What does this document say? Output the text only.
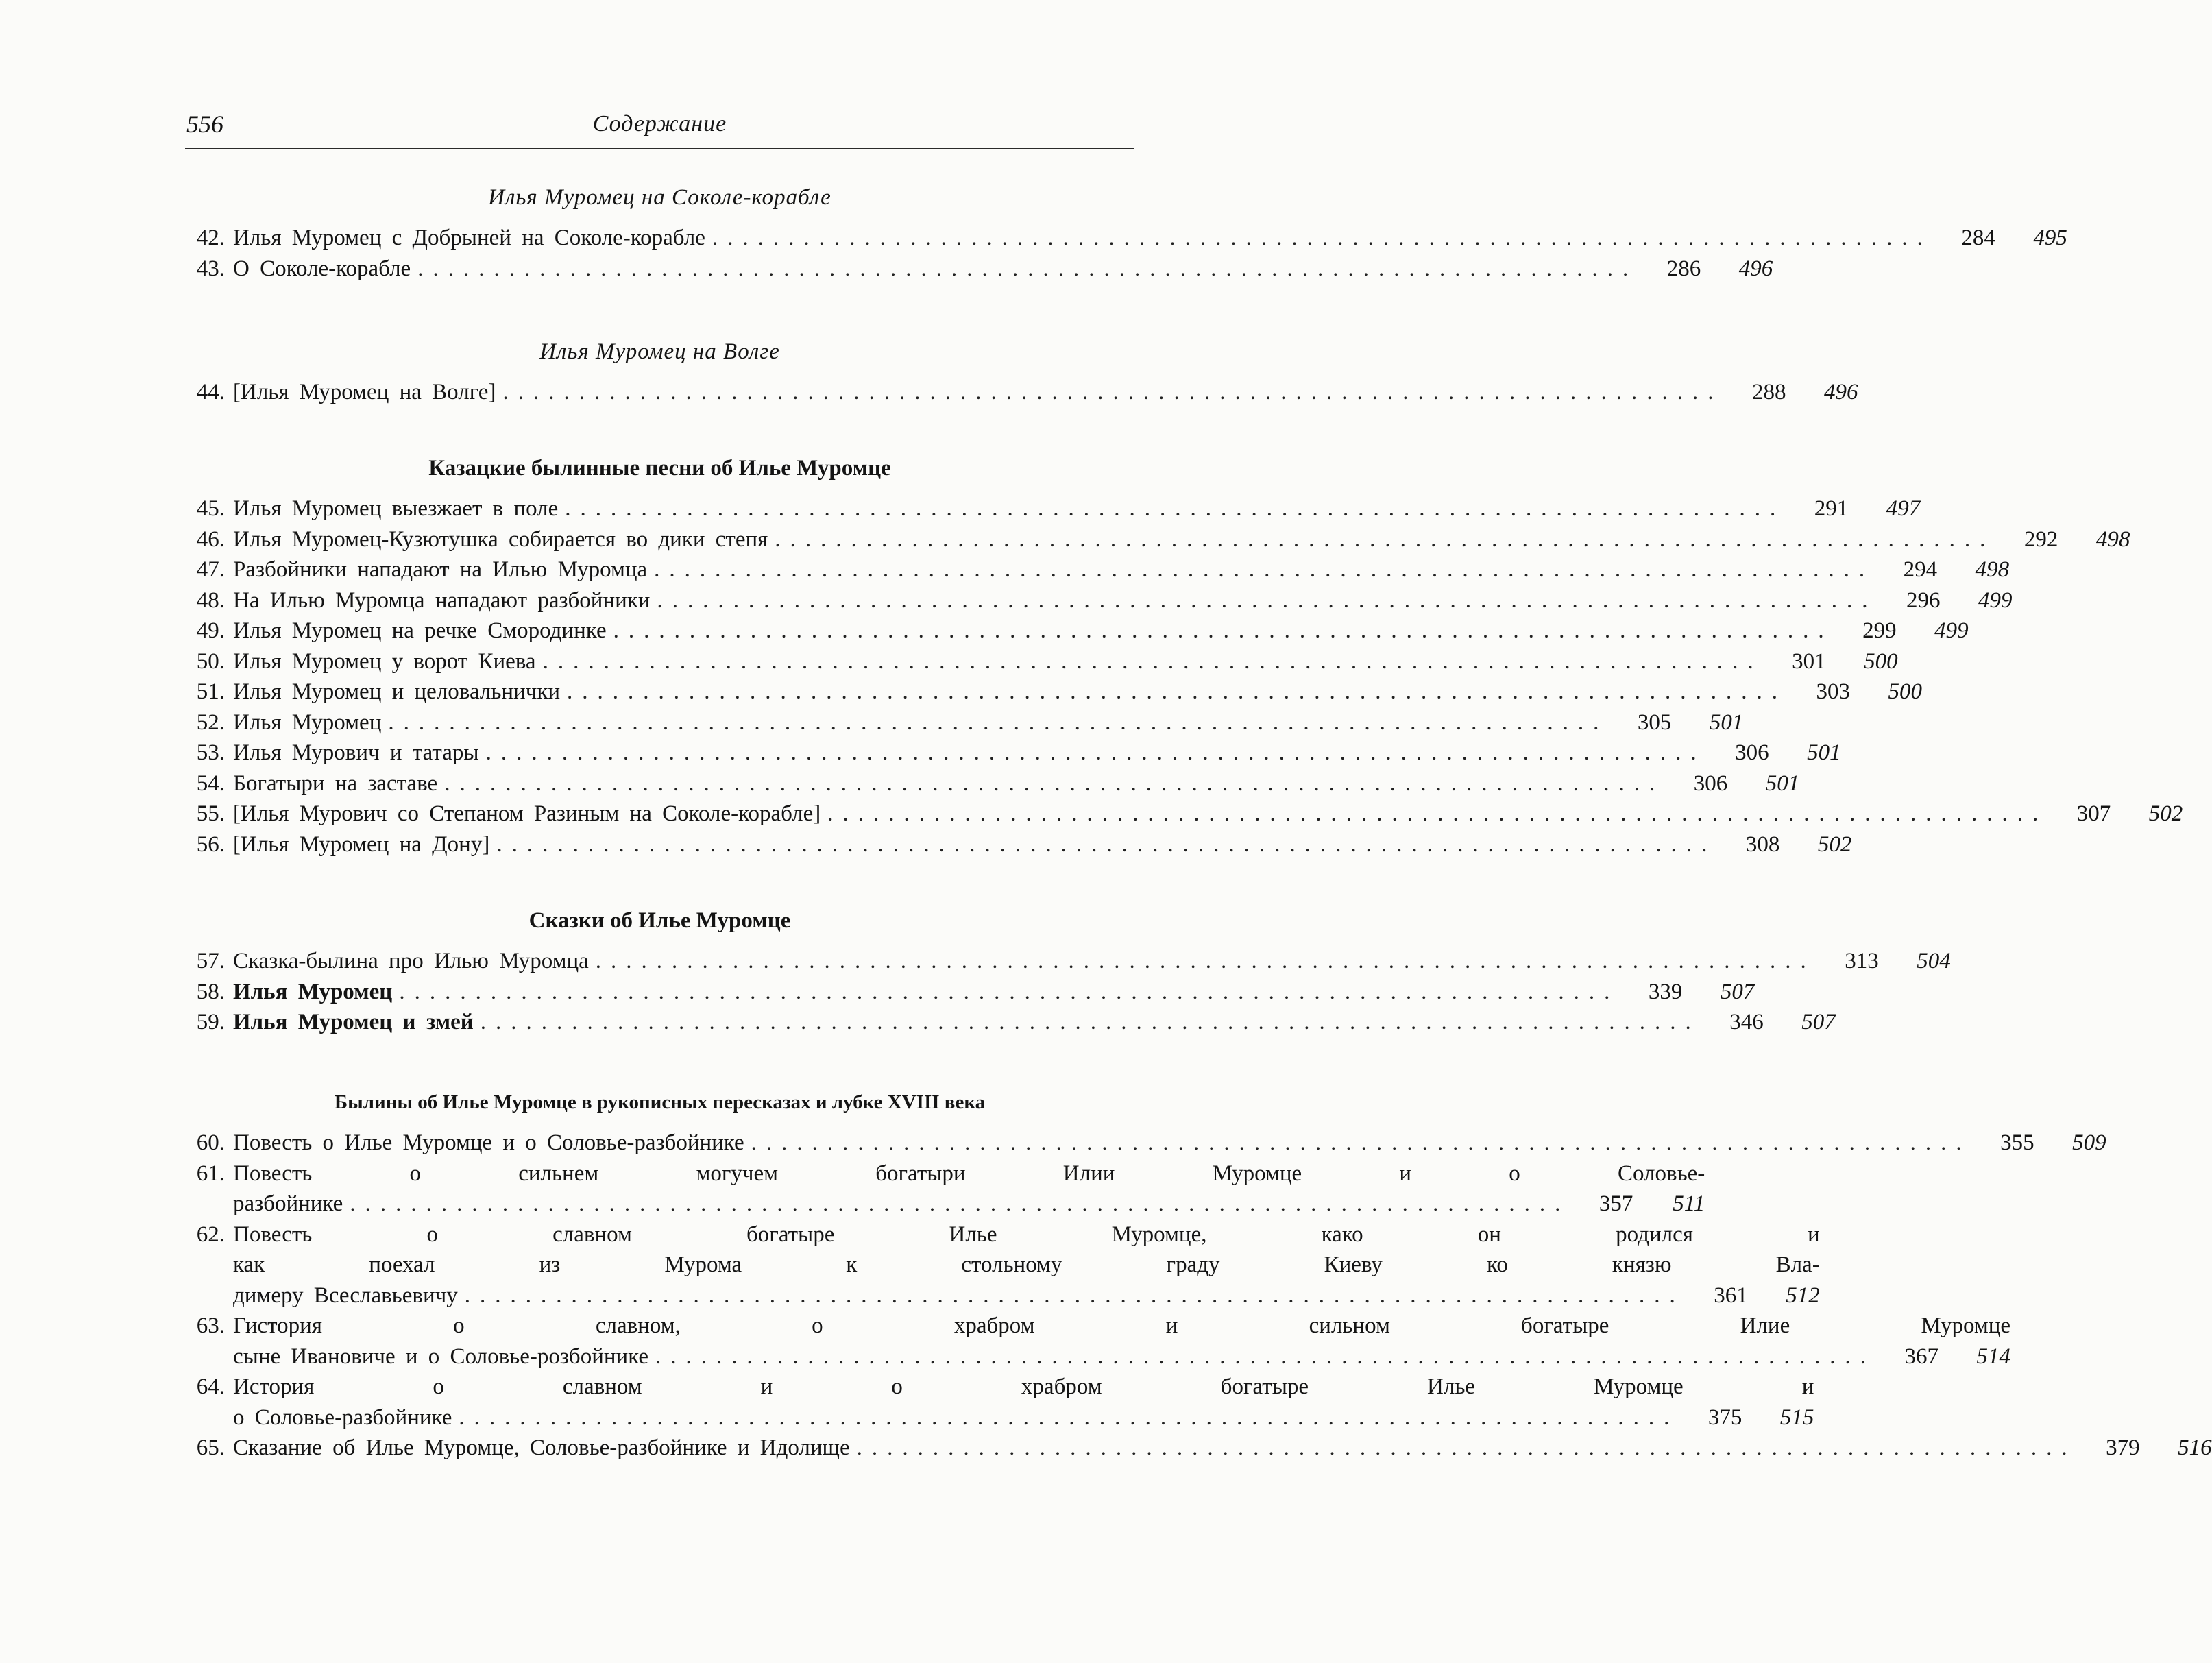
556	Содержание
Илья Муромец на Соколе-корабле
42. Илья Муромец с Добрыней на Соколе-корабле ................................................................................	284	495
43. О Соколе-корабле ................................................................................	286	496
Илья Муромец на Волге
44. [Илья Муромец на Волге] ................................................................................	288	496
Казацкие былинные песни об Илье Муромце
45. Илья Муромец выезжает в поле ................................................................................	291	497
46. Илья Муромец-Кузютушка собирается во дики степя ................................................................................	292	498
47. Разбойники нападают на Илью Муромца ................................................................................	294	498
48. На Илью Муромца нападают разбойники ................................................................................	296	499
49. Илья Муромец на речке Смородинке ................................................................................	299	499
50. Илья Муромец у ворот Киева ................................................................................	301	500
51. Илья Муромец и целовальнички ................................................................................	303	500
52. Илья Муромец ................................................................................	305	501
53. Илья Мурович и татары ................................................................................	306	501
54. Богатыри на заставе ................................................................................	306	501
55. [Илья Мурович со Степаном Разиным на Соколе-корабле] ................................................................................	307	502
56. [Илья Муромец на Дону] ................................................................................	308	502
Сказки об Илье Муромце
57. Сказка-былина про Илью Муромца ................................................................................	313	504
58. Илья Муромец ................................................................................	339	507
59. Илья Муромец и змей ................................................................................	346	507
Былины об Илье Муромце в рукописных пересказах и лубке XVIII века
60. Повесть о Илье Муромце и о Соловье-разбойнике ................................................................................	355	509
61. Повесть о сильнем могучем богатыри Илии Муромце и о Соловье-
разбойнике ................................................................................	357	511
62. Повесть о славном богатыре Илье Муромце, како он родился и
как поехал из Мурома к стольному граду Киеву ко князю Вла-
димеру Всеславьевичу ................................................................................	361	512
63. Гистория о славном, о храбром и сильном богатыре Илие Муромце
сыне Ивановиче и о Соловье-розбойнике ................................................................................	367	514
64. История о славном и о храбром богатыре Илье Муромце и
о Соловье-разбойнике ................................................................................	375	515
65. Сказание об Илье Муромце, Соловье-разбойнике и Идолище ................................................................................	379	516
